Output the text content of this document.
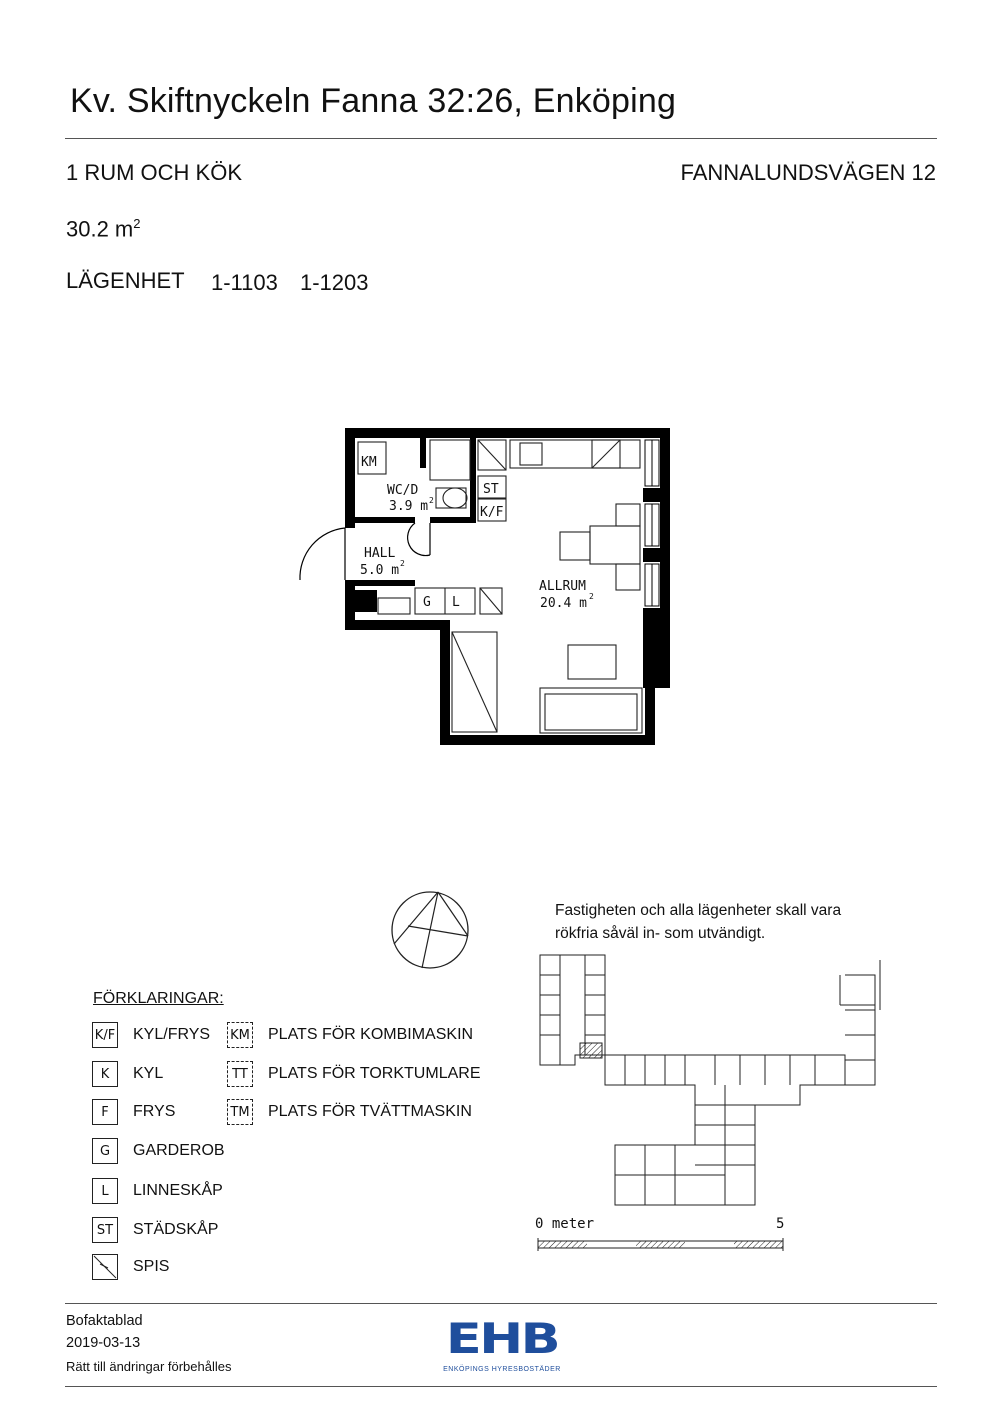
Kv. Skiftnyckeln Fanna 32:26, Enköping
1 RUM OCH KÖK	FANNALUNDSVÄGEN 12
30.2 $m^2$
LÄGENHET 1-1103 1-1203
KM
ST
K/F
G L
WC/D
3.9 m 2
HALL
5.0 m 2
ALLRUM
20.4 m 2
FÖRKLARINGAR:
K/F KYL/FRYS
K	KYL
F	FRYS
G	GARDEROB
L	LINNESKÅP
ST	STÄDSKÅP
SPIS
KM PLATS FÖR KOMBIMASKIN
TT	PLATS FÖR TORKTUMLARE
TM PLATS FÖR TVÄTTMASKIN
Fastigheten och alla lägenheter skall vara
rökfria såväl in- som utvändigt.
0 meter	5
Bofaktablad
2019-03-13
Rätt till ändringar förbehålles
EHB
ENKÖPINGS HYRESBOSTÄDER
